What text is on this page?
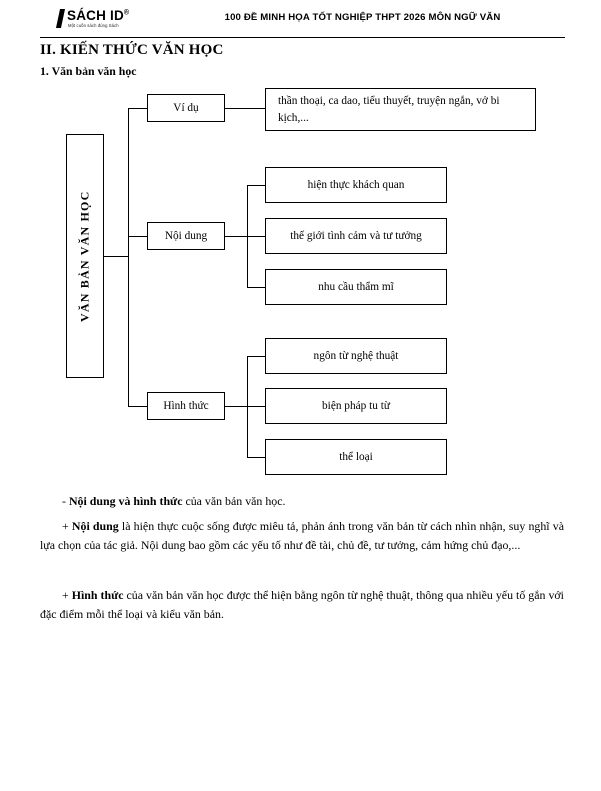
SÁCH ID®
Một cuốn sách đúng Sách
100 ĐỀ MINH HỌA TỐT NGHIỆP THPT 2026 MÔN NGỮ VĂN
II. KIẾN THỨC VĂN HỌC
1. Văn bản văn học
VĂN BẢN VĂN HỌC
Ví dụ
thần thoại, ca dao, tiểu thuyết, truyện ngắn, vở bi kịch,...
Nội dung
hiện thực khách quan
thế giới tình cảm và tư tưởng
nhu cầu thẩm mĩ
Hình thức
ngôn từ nghệ thuật
biện pháp tu từ
thể loại
- Nội dung và hình thức của văn bản văn học.
+ Nội dung là hiện thực cuộc sống được miêu tả, phản ánh trong văn bản từ cách nhìn nhận, suy nghĩ và lựa chọn của tác giả. Nội dung bao gồm các yếu tố như đề tài, chủ đề, tư tưởng, cảm hứng chủ đạo,...
+ Hình thức của văn bản văn học được thể hiện bằng ngôn từ nghệ thuật, thông qua nhiều yếu tố gắn với đặc điểm mỗi thể loại và kiểu văn bản.
